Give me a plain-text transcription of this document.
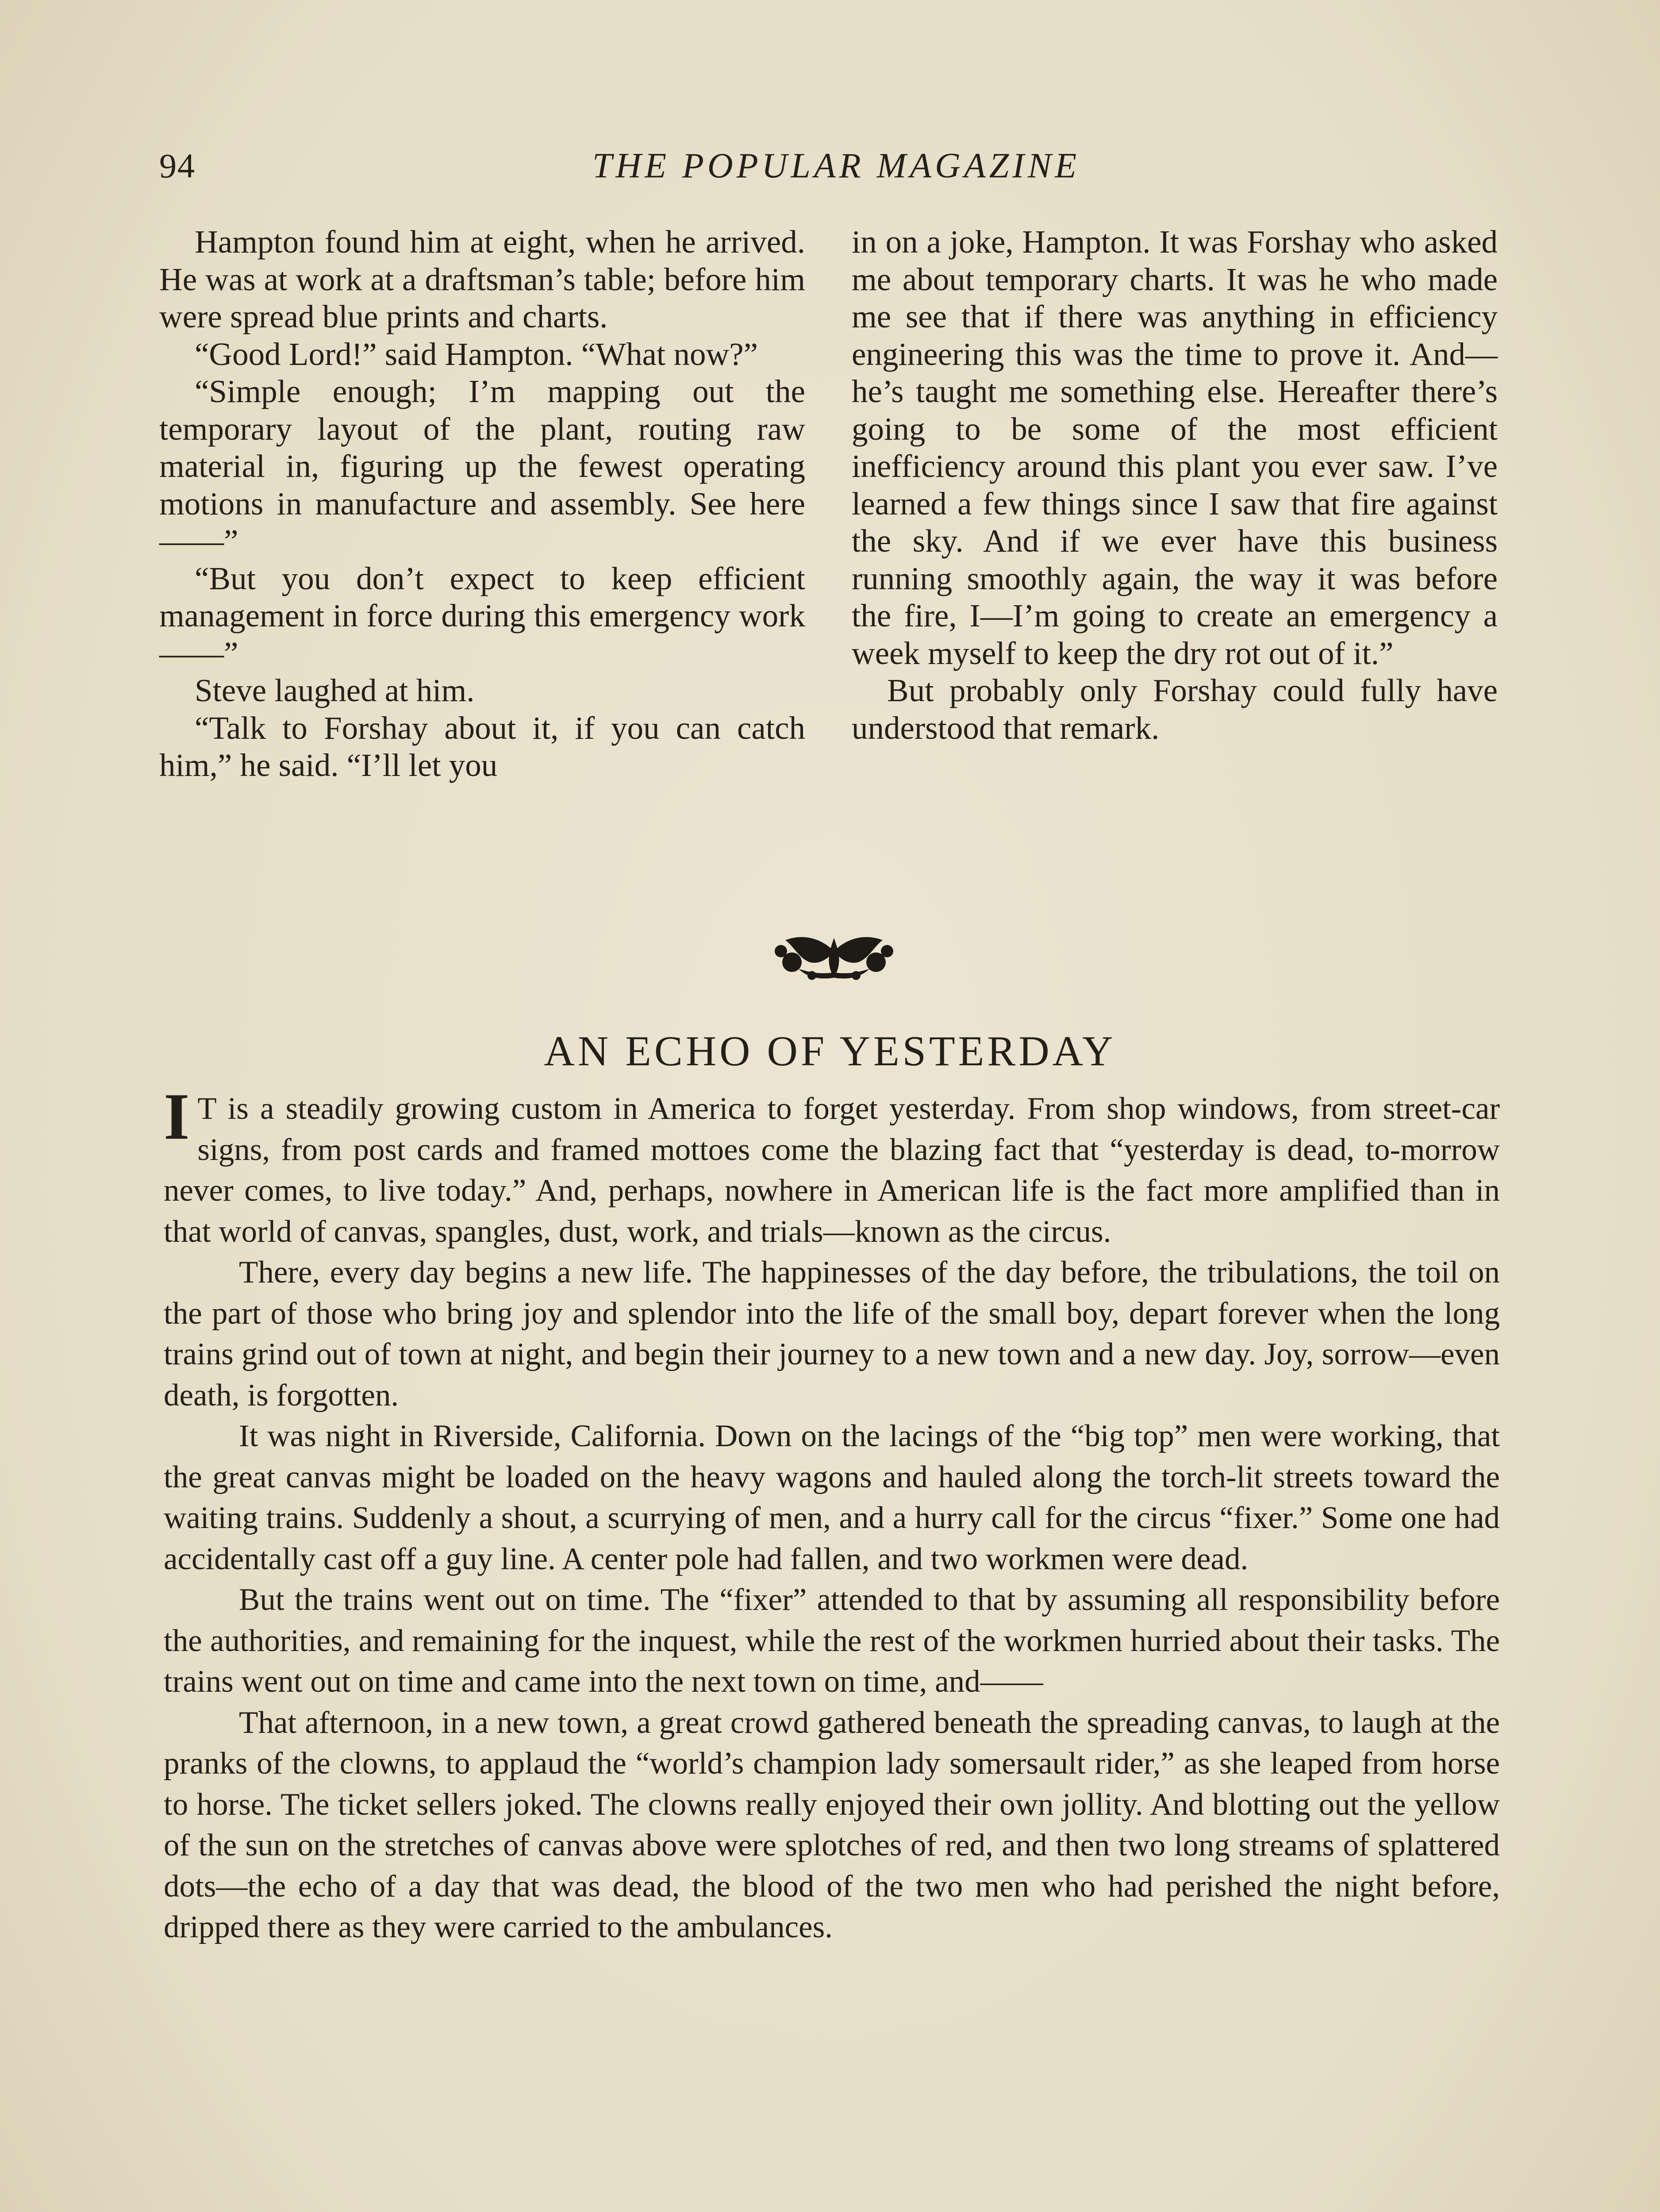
94	THE POPULAR MAGAZINE

Hampton found him at eight, when he arrived. He was at work at a draftsman’s table; before him were spread blue prints and charts.

“Good Lord!” said Hampton. “What now?”

“Simple enough; I’m mapping out the temporary layout of the plant, routing raw material in, figuring up the fewest operating motions in manufacture and assembly. See here——”

“But you don’t expect to keep efficient management in force during this emergency work——”

Steve laughed at him.

“Talk to Forshay about it, if you can catch him,” he said. “I’ll let you

in on a joke, Hampton. It was Forshay who asked me about temporary charts. It was he who made me see that if there was anything in efficiency engineering this was the time to prove it. And—he’s taught me something else. Hereafter there’s going to be some of the most efficient inefficiency around this plant you ever saw. I’ve learned a few things since I saw that fire against the sky. And if we ever have this business running smoothly again, the way it was before the fire, I—I’m going to create an emergency a week myself to keep the dry rot out of it.”

But probably only Forshay could fully have understood that remark.

AN ECHO OF YESTERDAY

I T is a steadily growing custom in America to forget yesterday. From shop windows, from street-car signs, from post cards and framed mottoes come the blazing fact that “yesterday is dead, to-morrow never comes, to live today.” And, perhaps, nowhere in American life is the fact more amplified than in that world of canvas, spangles, dust, work, and trials—known as the circus.

There, every day begins a new life. The happinesses of the day before, the tribulations, the toil on the part of those who bring joy and splendor into the life of the small boy, depart forever when the long trains grind out of town at night, and begin their journey to a new town and a new day. Joy, sorrow—even death, is forgotten.

It was night in Riverside, California. Down on the lacings of the “big top” men were working, that the great canvas might be loaded on the heavy wagons and hauled along the torch-lit streets toward the waiting trains. Suddenly a shout, a scurrying of men, and a hurry call for the circus “fixer.” Some one had accidentally cast off a guy line. A center pole had fallen, and two workmen were dead.

But the trains went out on time. The “fixer” attended to that by assuming all responsibility before the authorities, and remaining for the inquest, while the rest of the workmen hurried about their tasks. The trains went out on time and came into the next town on time, and——

That afternoon, in a new town, a great crowd gathered beneath the spreading canvas, to laugh at the pranks of the clowns, to applaud the “world’s champion lady somersault rider,” as she leaped from horse to horse. The ticket sellers joked. The clowns really enjoyed their own jollity. And blotting out the yellow of the sun on the stretches of canvas above were splotches of red, and then two long streams of splattered dots—the echo of a day that was dead, the blood of the two men who had perished the night before, dripped there as they were carried to the ambulances.
